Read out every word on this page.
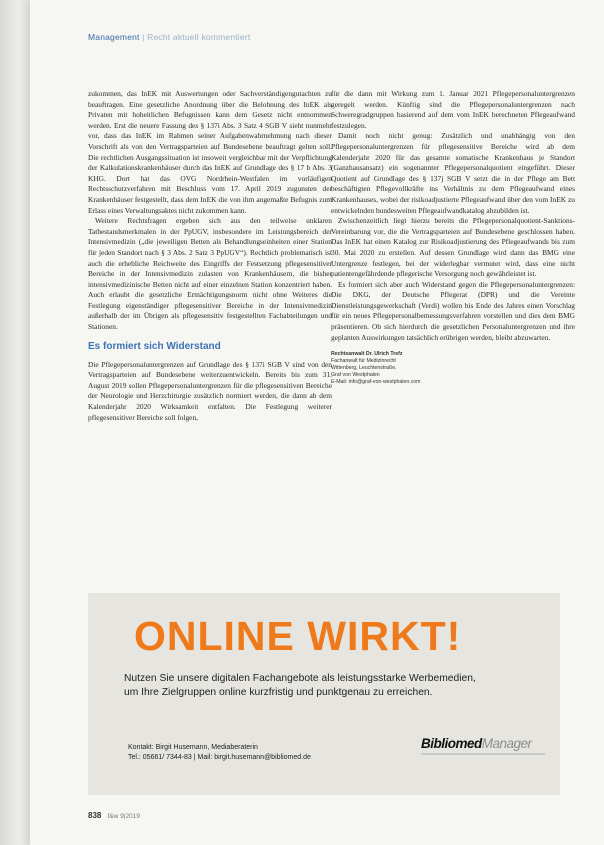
Management | Recht aktuell kommentiert

zukommen, das InEK mit Auswertungen oder Sachverständigengutachten zu beauftragen. Eine gesetzliche Anordnung über die Belohnung des InEK als Privaten mit hoheitlichen Befugnissen kann dem Gesetz nicht entnommen werden. Erst die neuere Fassung des § 137i Abs. 3 Satz 4 SGB V sieht nunmehr vor, dass das InEK im Rahmen seiner Aufgabenwahrnehmung nach dieser Vorschrift als von den Vertragsparteien auf Bundesebene beauftragt gelten soll. Die rechtlichen Ausgangssituation ist insoweit vergleichbar mit der Verpflichtung der Kalkulationskrankenhäuser durch das InEK auf Grundlage des § 17 b Abs. 3 KHG. Dort hat das OVG Nordrhein-Westfalen im vorläufigen Rechtsschutzverfahren mit Beschluss vom 17. April 2019 zugunsten der Krankenhäuser festgestellt, dass dem InEK die von ihm angemaßte Befugnis zum Erlass eines Verwaltungsaktes nicht zukommen kann.

Weitere Rechtsfragen ergeben sich aus den teilweise unklaren Tatbestandsmerkmalen in der PpUGV, insbesondere im Leistungsbereich der Intensivmedizin („die jeweiligen Betten als Behandlungseinheiten einer Station für jeden Standort nach § 3 Abs. 2 Satz 3 PpUGV“). Rechtlich problematisch ist auch die erhebliche Reichweite des Eingriffs der Festsetzung pflegesensitiver Bereiche in der Intensivmedizin zulasten von Krankenhäusern, die bisher intensivmedizinische Betten nicht auf einer einzelnen Station konzentriert haben. Auch erlaubt die gesetzliche Ermächtigungsnorm nicht ohne Weiteres die Festlegung eigenständiger pflegesensitiver Bereiche in der Intensivmedizin außerhalb der im Übrigen als pflegesensitiv festgestellten Fachabteilungen und Stationen.

Es formiert sich Widerstand

Die Pflegepersonaluntergrenzen auf Grundlage des § 137i SGB V sind von den Vertragsparteien auf Bundesebene weiterzuentwickeln. Bereits bis zum 31. August 2019 sollen Pflegepersonaluntergrenzen für die pflegesensitiven Bereiche der Neurologie und Herzchirurgie zusätzlich normiert werden, die dann ab dem Kalenderjahr 2020 Wirksamkeit entfalten. Die Festlegung weiterer pflegesensitiver Bereiche soll folgen,

für die dann mit Wirkung zum 1. Januar 2021 Pflegepersonaluntergrenzen geregelt werden. Künftig sind die Pflegepersonaluntergrenzen nach Schweregradgruppen basierend auf dem vom InEK berechneten Pflegeaufwand festzulegen.

Damit noch nicht genug: Zusätzlich und unabhängig von den Pflegepersonaluntergrenzen für pflegesensitive Bereiche wird ab dem Kalenderjahr 2020 für das gesamte somatische Krankenhaus je Standort (Ganzhausansatz) ein sogenannter Pflegepersonalquotient eingeführt. Dieser Quotient auf Grundlage des § 137j SGB V setzt die in der Pflege am Bett beschäftigten Pflegevollkräfte ins Verhältnis zu dem Pflegeaufwand eines Krankenhauses, wobei der risikoadjustierte Pflegeaufwand über den vom InEK zu entwickelnden bundesweiten Pflegeaufwandkatalog abzubilden ist.

Zwischenzeitlich liegt hierzu bereits die Pflegepersonalquotient-Sanktions-Vereinbarung vor, die die Vertragsparteien auf Bundesebene geschlossen haben. Das InEK hat einen Katalog zur Risikoadjustierung des Pflegeaufwands bis zum 30. Mai 2020 zu erstellen. Auf dessen Grundlage wird dann das BMG eine Untergrenze festlegen, bei der widerlegbar vermutet wird, dass eine nicht patientengefährdende pflegerische Versorgung noch gewährleistet ist.

Es formiert sich aber auch Widerstand gegen die Pflegepersonaluntergrenzen: Die DKG, der Deutsche Pflegerat (DPR) und die Vereinte Dienstleistungsgewerkschaft (Verdi) wollen bis Ende des Jahres einen Vorschlag für ein neues Pflegepersonalbemessungsverfahren vorstellen und dies dem BMG präsentieren. Ob sich hierdurch die gesetzlichen Personaluntergrenzen und ihre geplanten Auswirkungen tatsächlich erübrigen werden, bleibt abzuwarten.

Rechtsanwalt Dr. Ulrich Trefz
Fachanwalt für Medizinrecht
Wittenberg, Leuchtenstraße,
Graf von Westphalen
E-Mail: info@graf-von-westphalen.com
ONLINE WIRKT!
Nutzen Sie unsere digitalen Fachangebote als leistungsstarke Werbemedien,
um Ihre Zielgruppen online kurzfristig und punktgenau zu erreichen.
Kontakt: Birgit Husemann, Mediaberaterin
Tel.: 05661/ 7344-83 | Mail: birgit.husemann@bibliomed.de
BibliomedManager
838 f&w 9|2019
